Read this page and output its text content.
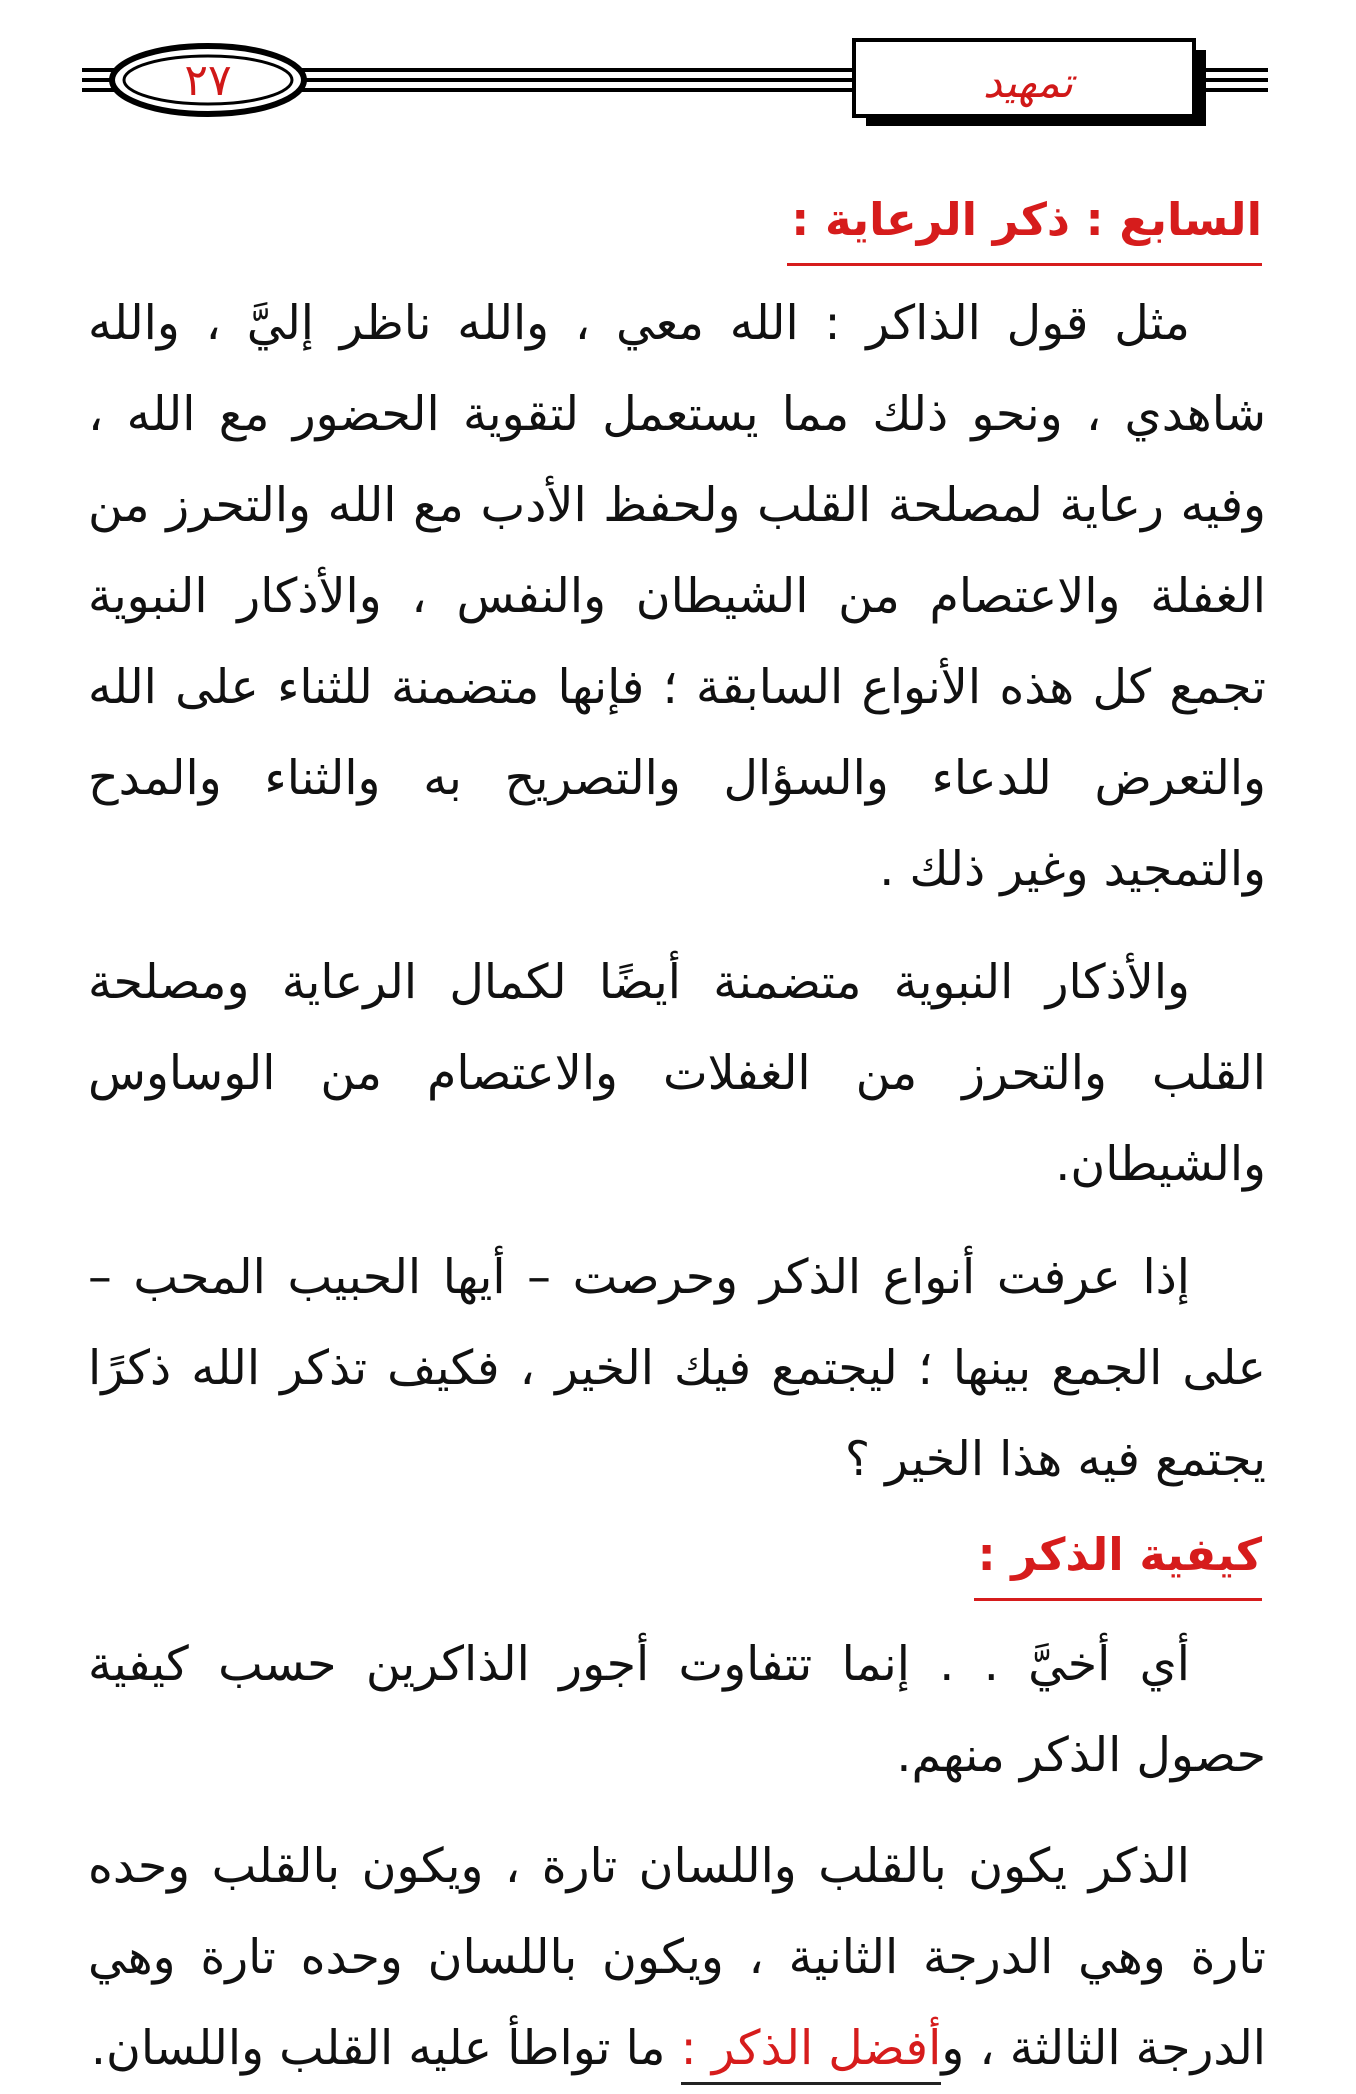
٢٧	تمهيد
السابع : ذكر الرعاية :

مثل قول الذاكر : الله معي ، والله ناظر إليَّ ، والله شاهدي ، ونحو ذلك مما يستعمل لتقوية الحضور مع الله ، وفيه رعاية لمصلحة القلب ولحفظ الأدب مع الله والتحرز من الغفلة والاعتصام من الشيطان والنفس ، والأذكار النبوية تجمع كل هذه الأنواع السابقة ؛ فإنها متضمنة للثناء على الله والتعرض للدعاء والسؤال والتصريح به والثناء والمدح والتمجيد وغير ذلك .

والأذكار النبوية متضمنة أيضًا لكمال الرعاية ومصلحة القلب والتحرز من الغفلات والاعتصام من الوساوس والشيطان.

إذا عرفت أنواع الذكر وحرصت – أيها الحبيب المحب – على الجمع بينها ؛ ليجتمع فيك الخير ، فكيف تذكر الله ذكرًا يجتمع فيه هذا الخير ؟

كيفية الذكر :

أي أخيَّ . . إنما تتفاوت أجور الذاكرين حسب كيفية حصول الذكر منهم.

الذكر يكون بالقلب واللسان تارة ، ويكون بالقلب وحده تارة وهي الدرجة الثانية ، ويكون باللسان وحده تارة وهي الدرجة الثالثة ، وأفضل الذكر : ما تواطأ عليه القلب واللسان.
